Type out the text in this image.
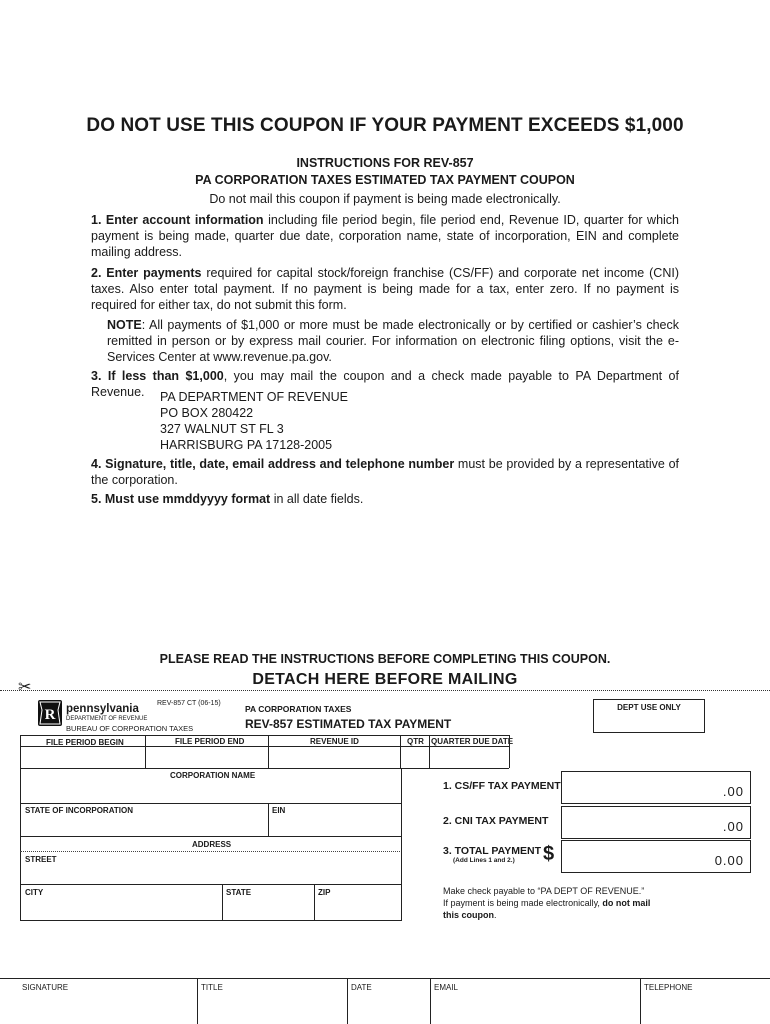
DO NOT USE THIS COUPON IF YOUR PAYMENT EXCEEDS $1,000
INSTRUCTIONS FOR REV-857
PA CORPORATION TAXES ESTIMATED TAX PAYMENT COUPON
Do not mail this coupon if payment is being made electronically.
1. Enter account information including file period begin, file period end, Revenue ID, quarter for which payment is being made, quarter due date, corporation name, state of incorporation, EIN and complete mailing address.
2. Enter payments required for capital stock/foreign franchise (CS/FF) and corporate net income (CNI) taxes. Also enter total payment. If no payment is being made for a tax, enter zero. If no payment is required for either tax, do not submit this form.
NOTE: All payments of $1,000 or more must be made electronically or by certified or cashier’s check remitted in person or by express mail courier. For information on electronic filing options, visit the e-Services Center at www.revenue.pa.gov.
3. If less than $1,000, you may mail the coupon and a check made payable to PA Department of Revenue.	PA DEPARTMENT OF REVENUE
PO BOX 280422
327 WALNUT ST FL 3
HARRISBURG PA 17128-2005
4. Signature, title, date, email address and telephone number must be provided by a representative of the corporation.
5. Must use mmddyyyy format in all date fields.
PLEASE READ THE INSTRUCTIONS BEFORE COMPLETING THIS COUPON.
DETACH HERE BEFORE MAILING
✂
R pennsylvania
DEPARTMENT OF REVENUE
BUREAU OF CORPORATION TAXES
REV-857 CT (06-15)
PA CORPORATION TAXES
REV-857 ESTIMATED TAX PAYMENT
DEPT USE ONLY
FILE PERIOD BEGIN	FILE PERIOD END	REVENUE ID	QTR QUARTER DUE DATE
CORPORATION NAME
STATE OF INCORPORATION	EIN
ADDRESS
STREET
CITY	STATE	ZIP
1. CS/FF TAX PAYMENT	.00
2. CNI TAX PAYMENT	.00
3. TOTAL PAYMENT
(Add Lines 1 and 2.) $	0.00
Make check payable to “PA DEPT OF REVENUE.”
If payment is being made electronically, do not mail
this coupon.
SIGNATURE	TITLE	DATE	EMAIL	TELEPHONE
